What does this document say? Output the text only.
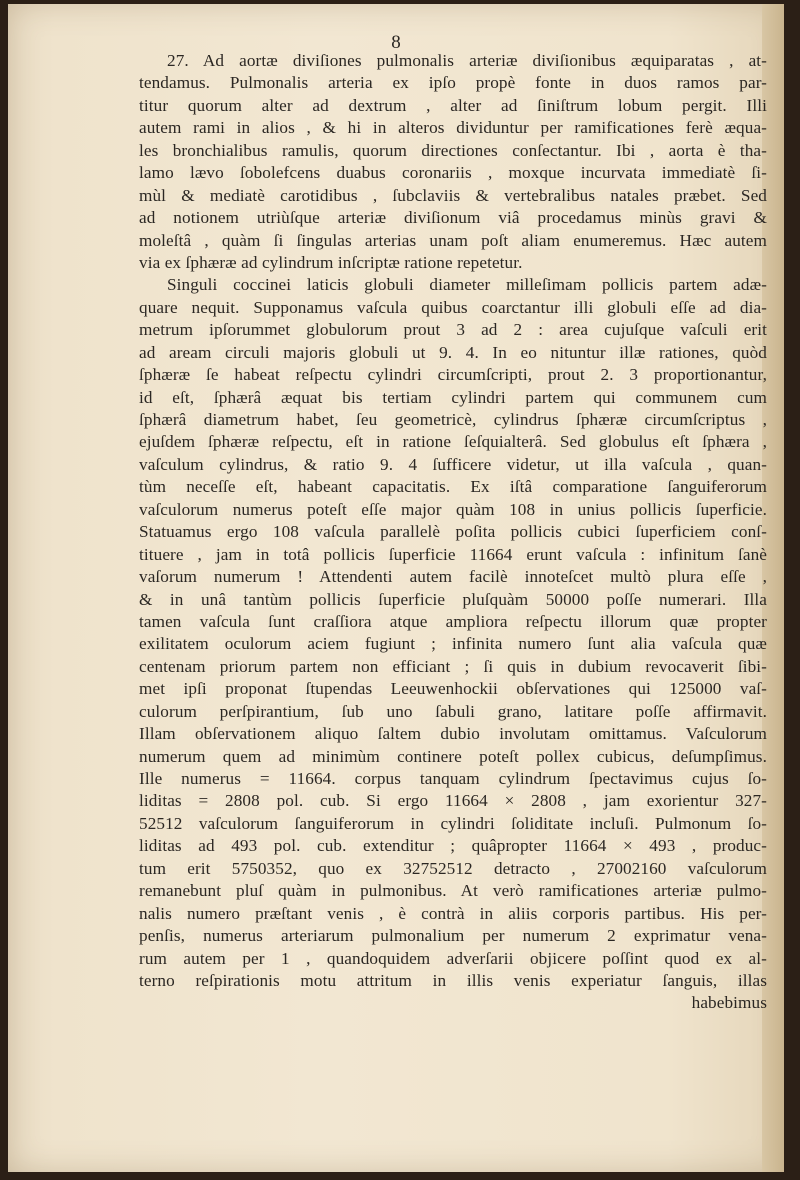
8
27. Ad aortæ diviſiones pulmonalis arteriæ diviſionibus æquiparatas , at-
tendamus. Pulmonalis arteria ex ipſo propè fonte in duos ramos par-
titur quorum alter ad dextrum , alter ad ſiniſtrum lobum pergit. Illi
autem rami in alios , & hi in alteros dividuntur per ramificationes ferè æqua-
les bronchialibus ramulis, quorum directiones conſectantur. Ibi , aorta è tha-
lamo lævo ſobolefcens duabus coronariis , moxque incurvata immediatè ſi-
mùl & mediatè carotidibus , ſubclaviis & vertebralibus natales præbet. Sed
ad notionem utriùſque arteriæ diviſionum viâ procedamus minùs gravi &
moleſtâ , quàm ſi ſingulas arterias unam poſt aliam enumeremus. Hæc autem
via ex ſphæræ ad cylindrum inſcriptæ ratione repetetur.
Singuli coccinei laticis globuli diameter milleſimam pollicis partem adæ-
quare nequit. Supponamus vaſcula quibus coarctantur illi globuli eſſe ad dia-
metrum ipſorummet globulorum prout 3 ad 2 : area cujuſque vaſculi erit
ad aream circuli majoris globuli ut 9. 4. In eo nituntur illæ rationes, quòd
ſphæræ ſe habeat reſpectu cylindri circumſcripti, prout 2. 3 proportionantur,
id eſt, ſphærâ æquat bis tertiam cylindri partem qui communem cum
ſphærâ diametrum habet, ſeu geometricè, cylindrus ſphæræ circumſcriptus ,
ejuſdem ſphæræ reſpectu, eſt in ratione ſeſquialterâ. Sed globulus eſt ſphæra ,
vaſculum cylindrus, & ratio 9. 4 ſufficere videtur, ut illa vaſcula , quan-
tùm neceſſe eſt, habeant capacitatis. Ex iſtâ comparatione ſanguiferorum
vaſculorum numerus poteſt eſſe major quàm 108 in unius pollicis ſuperficie.
Statuamus ergo 108 vaſcula parallelè poſita pollicis cubici ſuperficiem conſ-
tituere , jam in totâ pollicis ſuperficie 11664 erunt vaſcula : infinitum ſanè
vaſorum numerum ! Attendenti autem facilè innoteſcet multò plura eſſe ,
& in unâ tantùm pollicis ſuperficie pluſquàm 50000 poſſe numerari. Illa
tamen vaſcula ſunt craſſiora atque ampliora reſpectu illorum quæ propter
exilitatem oculorum aciem fugiunt ; infinita numero ſunt alia vaſcula quæ
centenam priorum partem non efficiant ; ſi quis in dubium revocaverit ſibi-
met ipſi proponat ſtupendas Leeuwenhockii obſervationes qui 125000 vaſ-
culorum perſpirantium, ſub uno ſabuli grano, latitare poſſe affirmavit.
Illam obſervationem aliquo ſaltem dubio involutam omittamus. Vaſculorum
numerum quem ad minimùm continere poteſt pollex cubicus, deſumpſimus.
Ille numerus = 11664. corpus tanquam cylindrum ſpectavimus cujus ſo-
liditas = 2808 pol. cub. Si ergo 11664 × 2808 , jam exorientur 327-
52512 vaſculorum ſanguiferorum in cylindri ſoliditate incluſi. Pulmonum ſo-
liditas ad 493 pol. cub. extenditur ; quâpropter 11664 × 493 , produc-
tum erit 5750352, quo ex 32752512 detracto , 27002160 vaſculorum
remanebunt pluſ quàm in pulmonibus. At verò ramificationes arteriæ pulmo-
nalis numero præſtant venis , è contrà in aliis corporis partibus. His per-
penſis, numerus arteriarum pulmonalium per numerum 2 exprimatur vena-
rum autem per 1 , quandoquidem adverſarii objicere poſſint quod ex al-
terno reſpirationis motu attritum in illis venis experiatur ſanguis, illas
habebimus
